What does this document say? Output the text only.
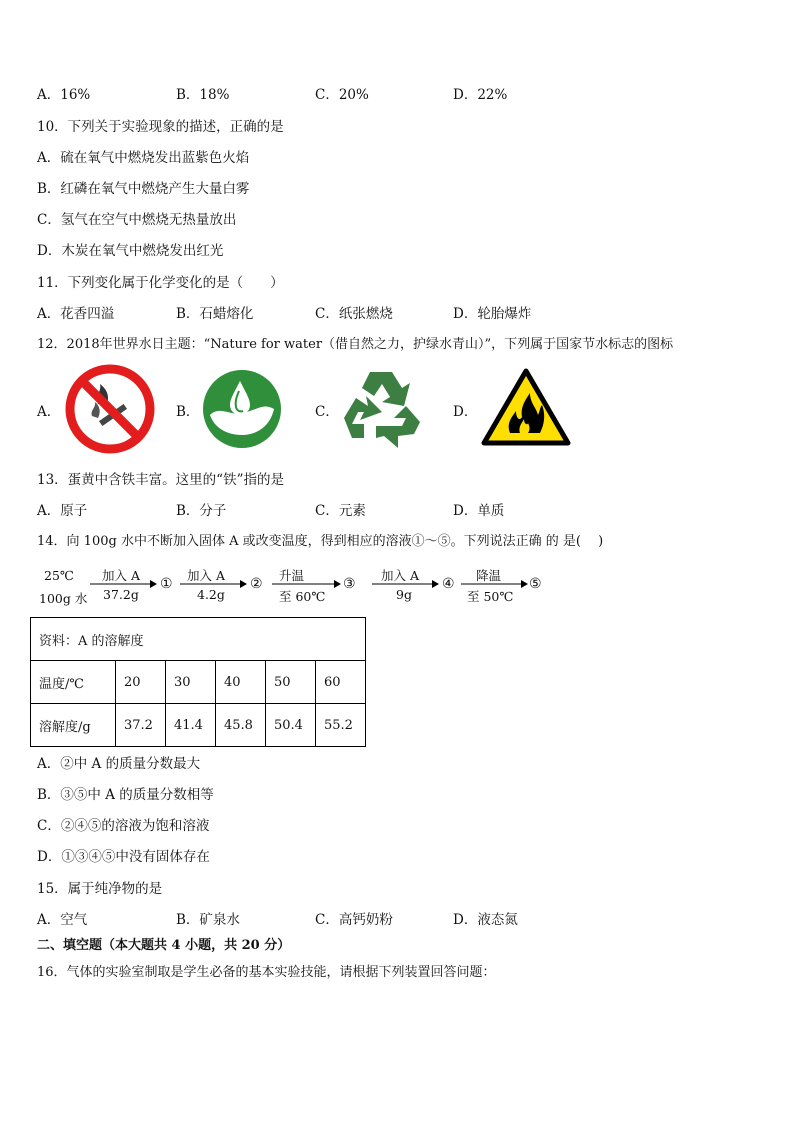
A．16%	B．18%	C．20%	D．22%
10．下列关于实验现象的描述，正确的是
A．硫在氧气中燃烧发出蓝紫色火焰
B．红磷在氧气中燃烧产生大量白雾
C．氢气在空气中燃烧无热量放出
D．木炭在氧气中燃烧发出红光
11．下列变化属于化学变化的是（　　）
A．花香四溢	B．石蜡熔化	C．纸张燃烧	D．轮胎爆炸
12．2018年世界水日主题：“Nature for water（借自然之力，护绿水青山）”，下列属于国家节水标志的图标
A．	B．	C．	D．
13．蛋黄中含铁丰富。这里的“铁”指的是
A．原子	B．分子	C．元素	D．单质
14．向 100g 水中不断加入固体 A 或改变温度，得到相应的溶液①～⑤。下列说法正确 的 是(　 )
25℃
100g 水
加入 A
37.2g
①
加入 A
4.2g
②
升温
至 60℃
③
加入 A
9g
④
降温
至 50℃
⑤
资料：A 的溶解度					
温度/℃	20	30	40	50	60
溶解度/g	37.2	41.4	45.8	50.4	55.2
A．②中 A 的质量分数最大
B．③⑤中 A 的质量分数相等
C．②④⑤的溶液为饱和溶液
D．①③④⑤中没有固体存在
15．属于纯净物的是
A．空气	B．矿泉水	C．高钙奶粉	D．液态氮
二、填空题（本大题共 4 小题，共 20 分）
16．气体的实验室制取是学生必备的基本实验技能，请根据下列装置回答问题：
